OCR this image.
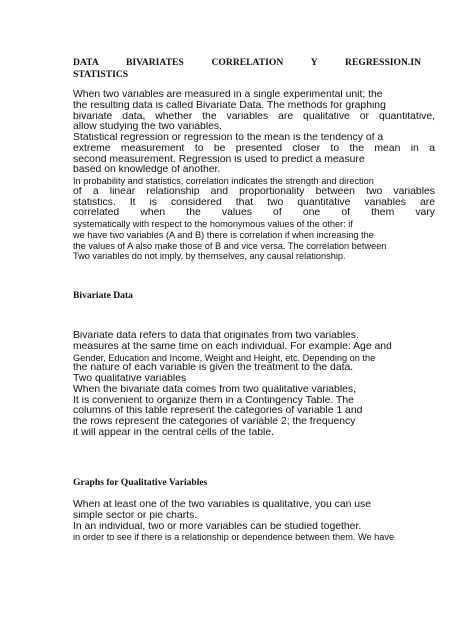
DATA BIVARIATES CORRELATION Y REGRESSION.IN

STATISTICS

When two variables are measured in a single experimental unit; the
the resulting data is called Bivariate Data. The methods for graphing
bivariate data, whether the variables are qualitative or quantitative,
allow studying the two variables.
Statistical regression or regression to the mean is the tendency of a
extreme measurement to be presented closer to the mean in a
second measurement. Regression is used to predict a measure
based on knowledge of another.
In probability and statistics, correlation indicates the strength and direction
of a linear relationship and proportionality between two variables
statistics. It is considered that two quantitative variables are
correlated when the values of one of them vary
systematically with respect to the homonymous values of the other: if
we have two variables (A and B) there is correlation if when increasing the
the values of A also make those of B and vice versa. The correlation between
Two variables do not imply, by themselves, any causal relationship.

Bivariate Data

Bivariate data refers to data that originates from two variables.
measures at the same time on each individual. For example: Age and
Gender, Education and Income, Weight and Height, etc. Depending on the
the nature of each variable is given the treatment to the data.
Two qualitative variables
When the bivariate data comes from two qualitative variables,
It is convenient to organize them in a Contingency Table. The
columns of this table represent the categories of variable 1 and
the rows represent the categories of variable 2; the frequency
it will appear in the central cells of the table.

Graphs for Qualitative Variables

When at least one of the two variables is qualitative, you can use
simple sector or pie charts.
In an individual, two or more variables can be studied together.
in order to see if there is a relationship or dependence between them. We have
